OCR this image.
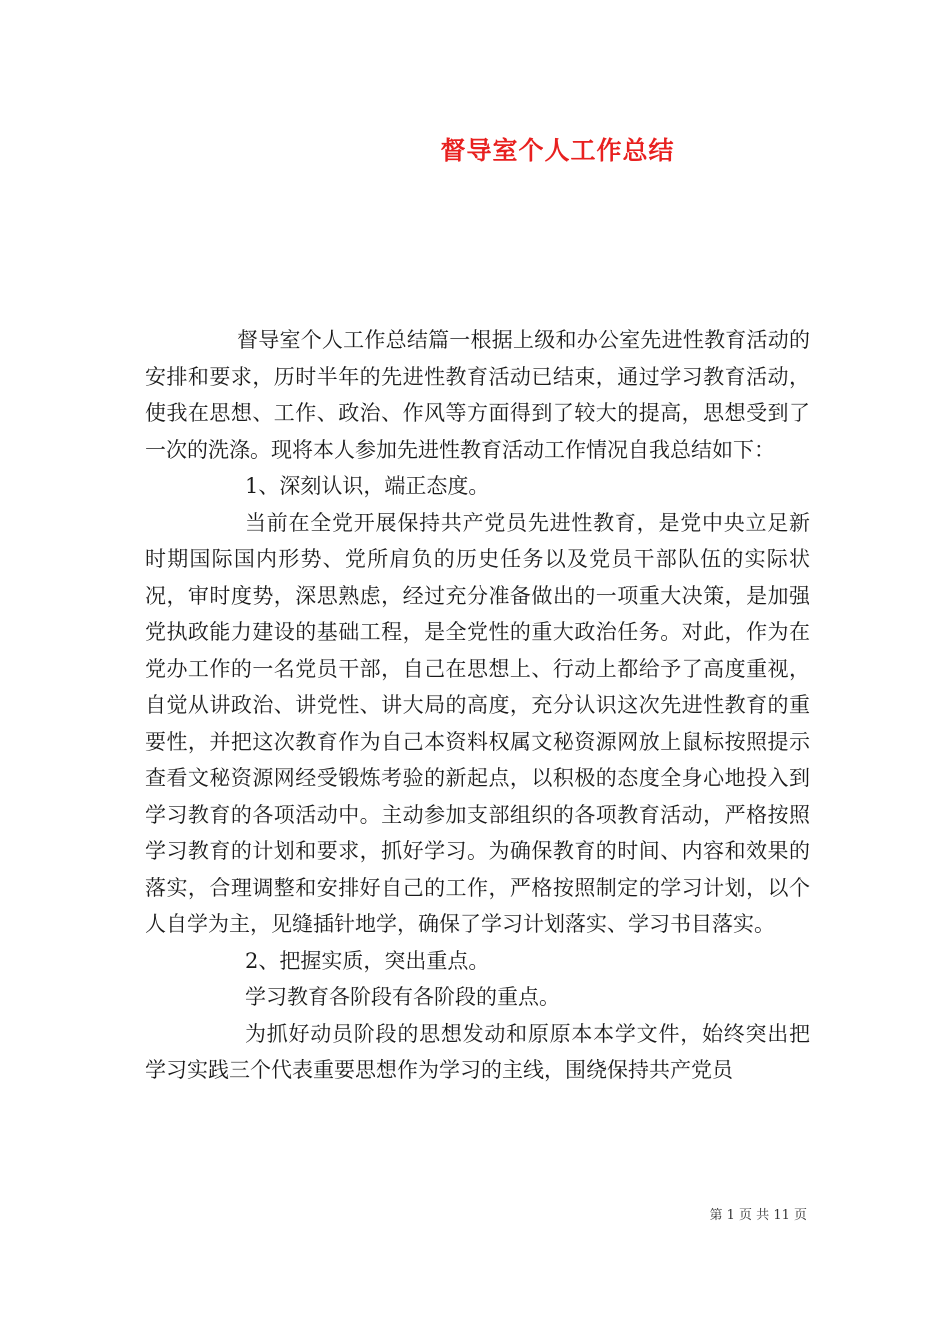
督导室个人工作总结

督导室个人工作总结篇一根据上级和办公室先进性教育活动的安排和要求，历时半年的先进性教育活动已结束，通过学习教育活动，使我在思想、工作、政治、作风等方面得到了较大的提高，思想受到了一次的洗涤。现将本人参加先进性教育活动工作情况自我总结如下：

1、深刻认识，端正态度。

当前在全党开展保持共产党员先进性教育，是党中央立足新时期国际国内形势、党所肩负的历史任务以及党员干部队伍的实际状况，审时度势，深思熟虑，经过充分准备做出的一项重大决策，是加强党执政能力建设的基础工程，是全党性的重大政治任务。对此，作为在党办工作的一名党员干部，自己在思想上、行动上都给予了高度重视，自觉从讲政治、讲党性、讲大局的高度，充分认识这次先进性教育的重要性，并把这次教育作为自己本资料权属文秘资源网放上鼠标按照提示查看文秘资源网经受锻炼考验的新起点，以积极的态度全身心地投入到学习教育的各项活动中。主动参加支部组织的各项教育活动，严格按照学习教育的计划和要求，抓好学习。为确保教育的时间、内容和效果的落实，合理调整和安排好自己的工作，严格按照制定的学习计划，以个人自学为主，见缝插针地学，确保了学习计划落实、学习书目落实。

2、把握实质，突出重点。

学习教育各阶段有各阶段的重点。

为抓好动员阶段的思想发动和原原本本学文件，始终突出把学习实践三个代表重要思想作为学习的主线，围绕保持共产党员

第 1 页 共 11 页
